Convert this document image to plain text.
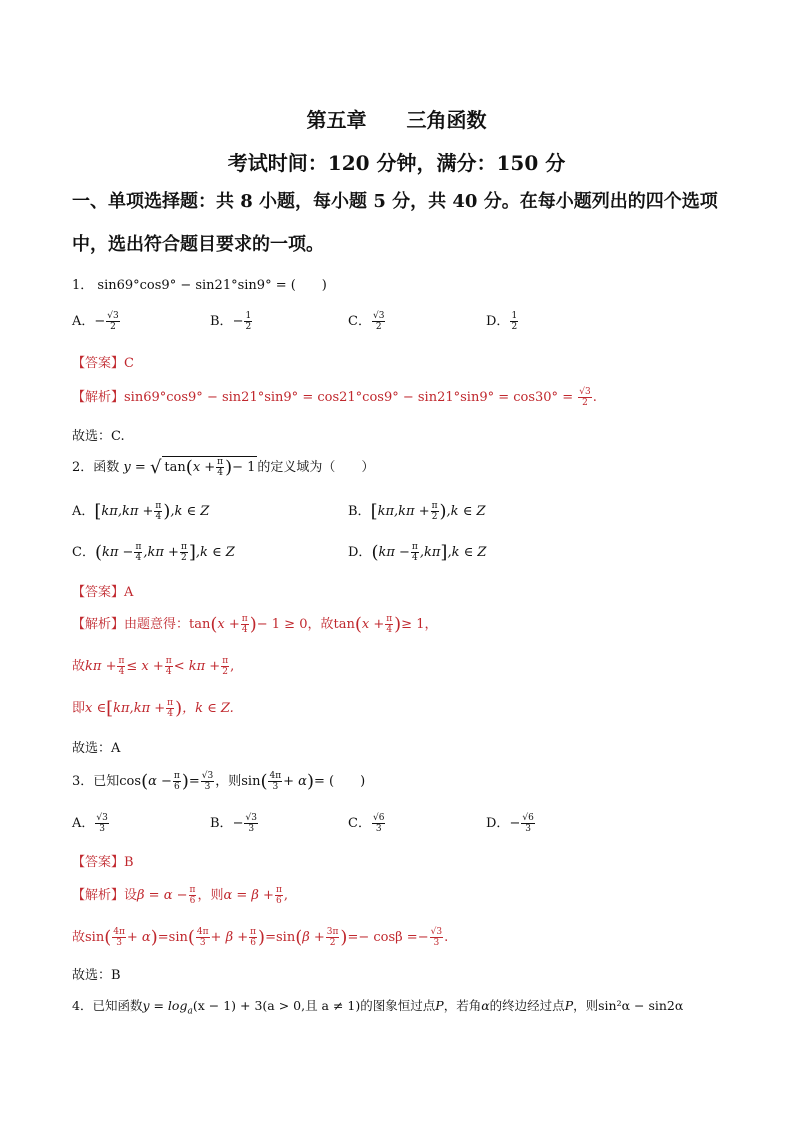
第五章　　三角函数
考试时间：120 分钟，满分：150 分
一、单项选择题：共 8 小题，每小题 5 分，共 40 分。在每小题列出的四个选项
中，选出符合题目要求的一项。
1． sin69°cos9° − sin21°sin9° = (　　)
A．− $\frac{√3}{2}$	B．− $\frac{1}{2}$	C． $\frac{√3}{2}$	D． $\frac{1}{2}$
【答案】C
【解析】$\sin 69^\circ\cos 9^\circ - \sin 21^\circ\sin 9^\circ = \cos 21^\circ\cos 9^\circ - \sin 21^\circ\sin 9^\circ = \cos 30^\circ = \frac{√3}{2}$ .
故选：C.
2．函数 y = √ $\tan(x + \frac{\pi}{4}$ )− 1 的定义域为（　　）
A．$[k\pi,k\pi + \frac{\pi}{4} ),k$ ∈ Z	B．$[k\pi,k\pi + \frac{\pi}{2} ),k$ ∈ Z
C．$(k\pi - \frac{\pi}{4} ,k\pi + \frac{\pi}{2} ],k$ ∈ Z	D．$(k\pi - \frac{\pi}{4} ,k\pi],k$ ∈ Z
【答案】A
【解析】由题意得：$\tan(x + \frac{\pi}{4}$ )− 1 ≥ 0，故$\tan(x + \frac{\pi}{4}$ )≥ 1，
故$k\pi + \frac{\pi}{4} \le x + \frac{\pi}{4} < k\pi + \frac{\pi}{2}$ ,
即x ∈[kπ,kπ + $\frac{\pi}{4}$ )，k ∈ Z.
故选：A
3．已知$\cos(\alpha - \frac{\pi}{6}$ )= $\frac{√3}{3}$ ，则$\sin( \frac{4\pi}{3} + \alpha)=$ (　　)
A． $\frac{√3}{3}$	B．− $\frac{√3}{3}$	C． $\frac{√6}{3}$	D．− $\frac{√6}{3}$
【答案】B
【解析】设$\beta = \alpha - \frac{\pi}{6}$ ，则$\alpha = \beta + \frac{\pi}{6}$ ,
故$\sin( \frac{4\pi}{3} + \alpha)=\sin( \frac{4\pi}{3} + \beta + \frac{\pi}{6} )=\sin(\beta + \frac{3\pi}{2}$ )=− $\cos\beta =- \frac{√3}{3}$ .
故选：B
4．已知函数$y = \log_a(x - 1) + 3(a > 0$,且 a ≠ 1)的图象恒过点P，若角α的终边经过点P，则sin²α − sin2α
